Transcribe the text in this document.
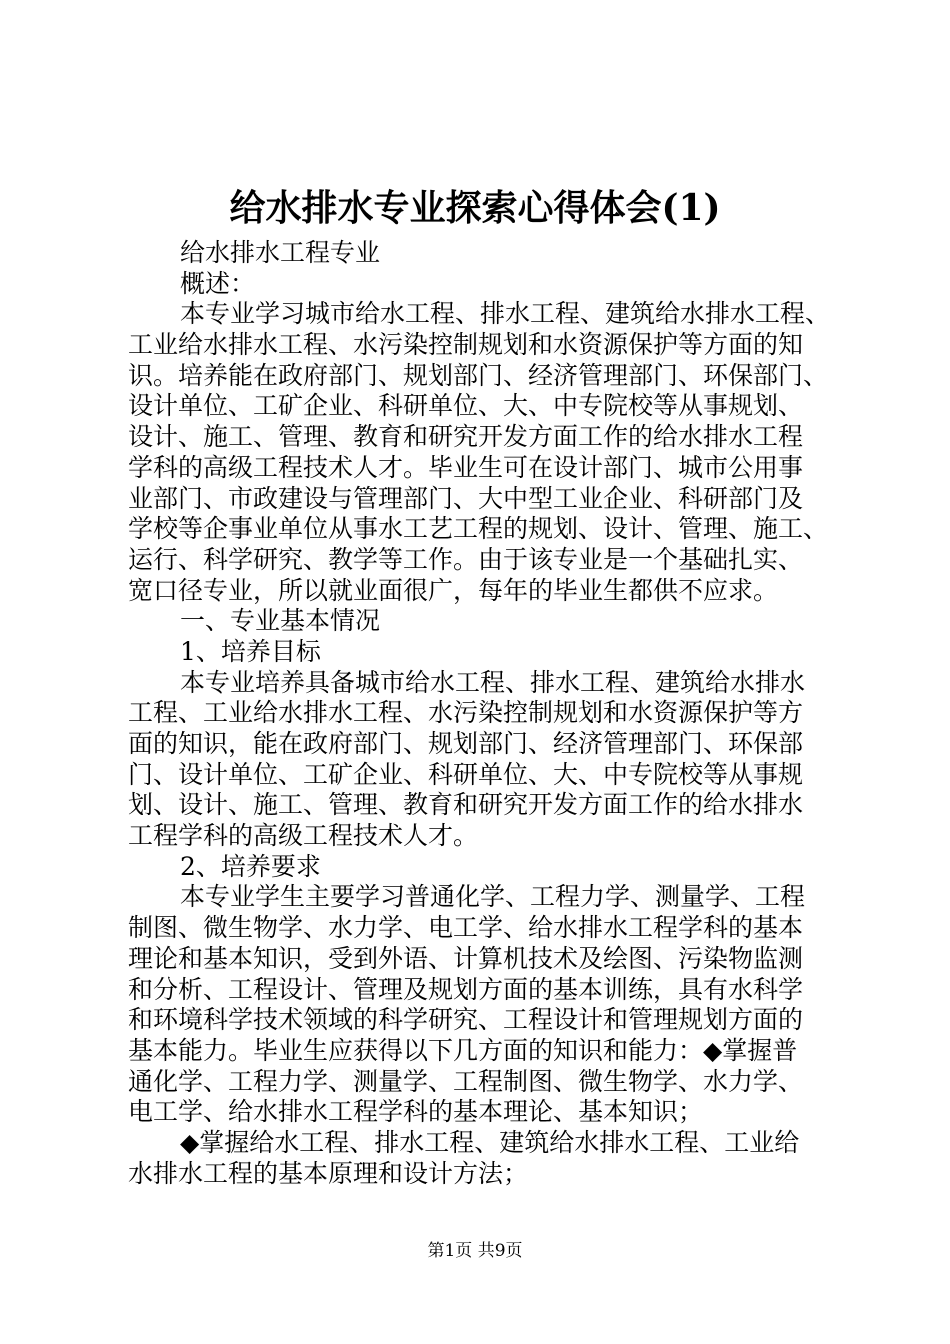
给水排水专业探索心得体会(1)
给水排水工程专业
概述：
本专业学习城市给水工程、排水工程、建筑给水排水工程、
工业给水排水工程、水污染控制规划和水资源保护等方面的知
识。培养能在政府部门、规划部门、经济管理部门、环保部门、
设计单位、工矿企业、科研单位、大、中专院校等从事规划、
设计、施工、管理、教育和研究开发方面工作的给水排水工程
学科的高级工程技术人才。毕业生可在设计部门、城市公用事
业部门、市政建设与管理部门、大中型工业企业、科研部门及
学校等企事业单位从事水工艺工程的规划、设计、管理、施工、
运行、科学研究、教学等工作。由于该专业是一个基础扎实、
宽口径专业，所以就业面很广，每年的毕业生都供不应求。
一、专业基本情况
1、培养目标
本专业培养具备城市给水工程、排水工程、建筑给水排水
工程、工业给水排水工程、水污染控制规划和水资源保护等方
面的知识，能在政府部门、规划部门、经济管理部门、环保部
门、设计单位、工矿企业、科研单位、大、中专院校等从事规
划、设计、施工、管理、教育和研究开发方面工作的给水排水
工程学科的高级工程技术人才。
2、培养要求
本专业学生主要学习普通化学、工程力学、测量学、工程
制图、微生物学、水力学、电工学、给水排水工程学科的基本
理论和基本知识，受到外语、计算机技术及绘图、污染物监测
和分析、工程设计、管理及规划方面的基本训练，具有水科学
和环境科学技术领域的科学研究、工程设计和管理规划方面的
基本能力。毕业生应获得以下几方面的知识和能力：◆掌握普
通化学、工程力学、测量学、工程制图、微生物学、水力学、
电工学、给水排水工程学科的基本理论、基本知识；
◆掌握给水工程、排水工程、建筑给水排水工程、工业给
水排水工程的基本原理和设计方法；
第1页 共9页
